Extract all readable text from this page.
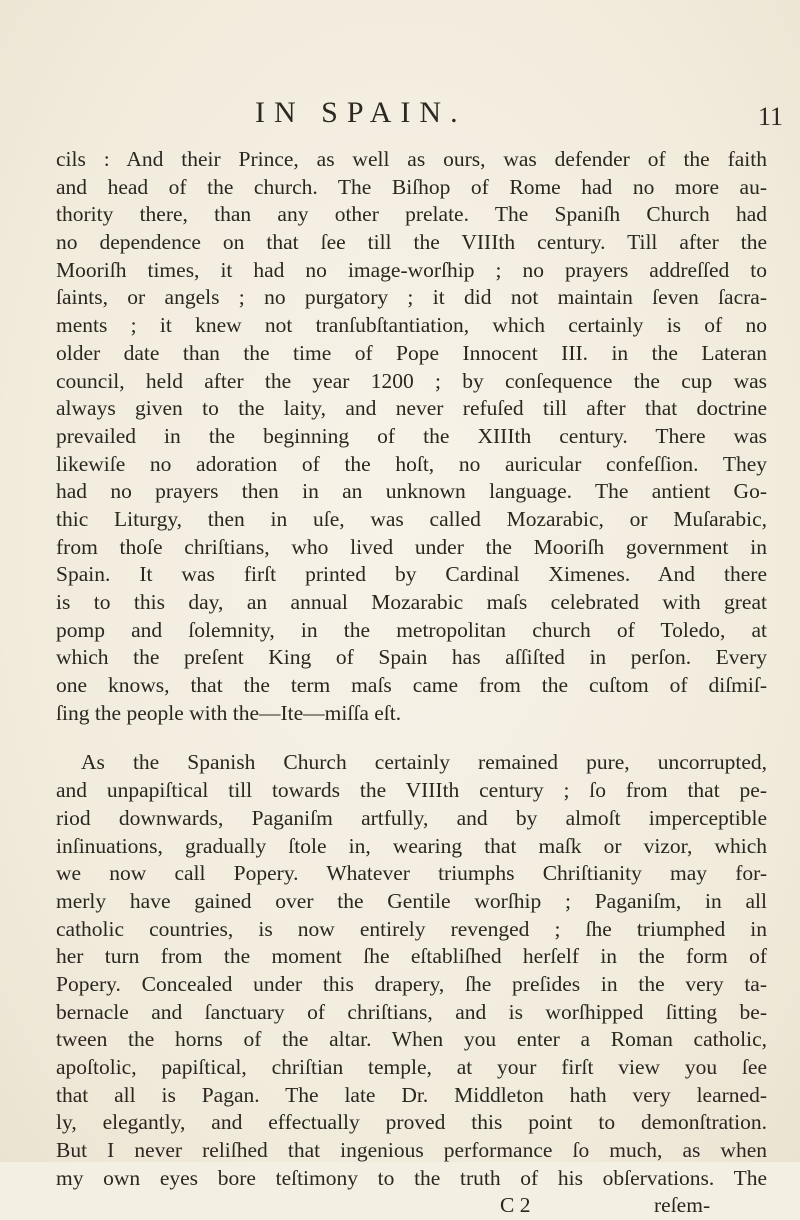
IN SPAIN.	11
cils : And their Prince, as well as ours, was defender of the faith
and head of the church. The Biſhop of Rome had no more au-
thority there, than any other prelate. The Spaniſh Church had
no dependence on that ſee till the VIIIth century. Till after the
Mooriſh times, it had no image-worſhip ; no prayers addreſſed to
ſaints, or angels ; no purgatory ; it did not maintain ſeven ſacra-
ments ; it knew not tranſubſtantiation, which certainly is of no
older date than the time of Pope Innocent III. in the Lateran
council, held after the year 1200 ; by conſequence the cup was
always given to the laity, and never refuſed till after that doctrine
prevailed in the beginning of the XIIIth century. There was
likewiſe no adoration of the hoſt, no auricular confeſſion. They
had no prayers then in an unknown language. The antient Go-
thic Liturgy, then in uſe, was called Mozarabic, or Muſarabic,
from thoſe chriſtians, who lived under the Mooriſh government in
Spain. It was firſt printed by Cardinal Ximenes. And there
is to this day, an annual Mozarabic maſs celebrated with great
pomp and ſolemnity, in the metropolitan church of Toledo, at
which the preſent King of Spain has aſſiſted in perſon. Every
one knows, that the term maſs came from the cuſtom of diſmiſ-
ſing the people with the—Ite—miſſa eſt.
As the Spanish Church certainly remained pure, uncorrupted,
and unpapiſtical till towards the VIIIth century ; ſo from that pe-
riod downwards, Paganiſm artfully, and by almoſt imperceptible
inſinuations, gradually ſtole in, wearing that maſk or vizor, which
we now call Popery. Whatever triumphs Chriſtianity may for-
merly have gained over the Gentile worſhip ; Paganiſm, in all
catholic countries, is now entirely revenged ; ſhe triumphed in
her turn from the moment ſhe eſtabliſhed herſelf in the form of
Popery. Concealed under this drapery, ſhe preſides in the very ta-
bernacle and ſanctuary of chriſtians, and is worſhipped ſitting be-
tween the horns of the altar. When you enter a Roman catholic,
apoſtolic, papiſtical, chriſtian temple, at your firſt view you ſee
that all is Pagan. The late Dr. Middleton hath very learned-
ly, elegantly, and effectually proved this point to demonſtration.
But I never reliſhed that ingenious performance ſo much, as when
my own eyes bore teſtimony to the truth of his obſervations. The
C 2	reſem-
